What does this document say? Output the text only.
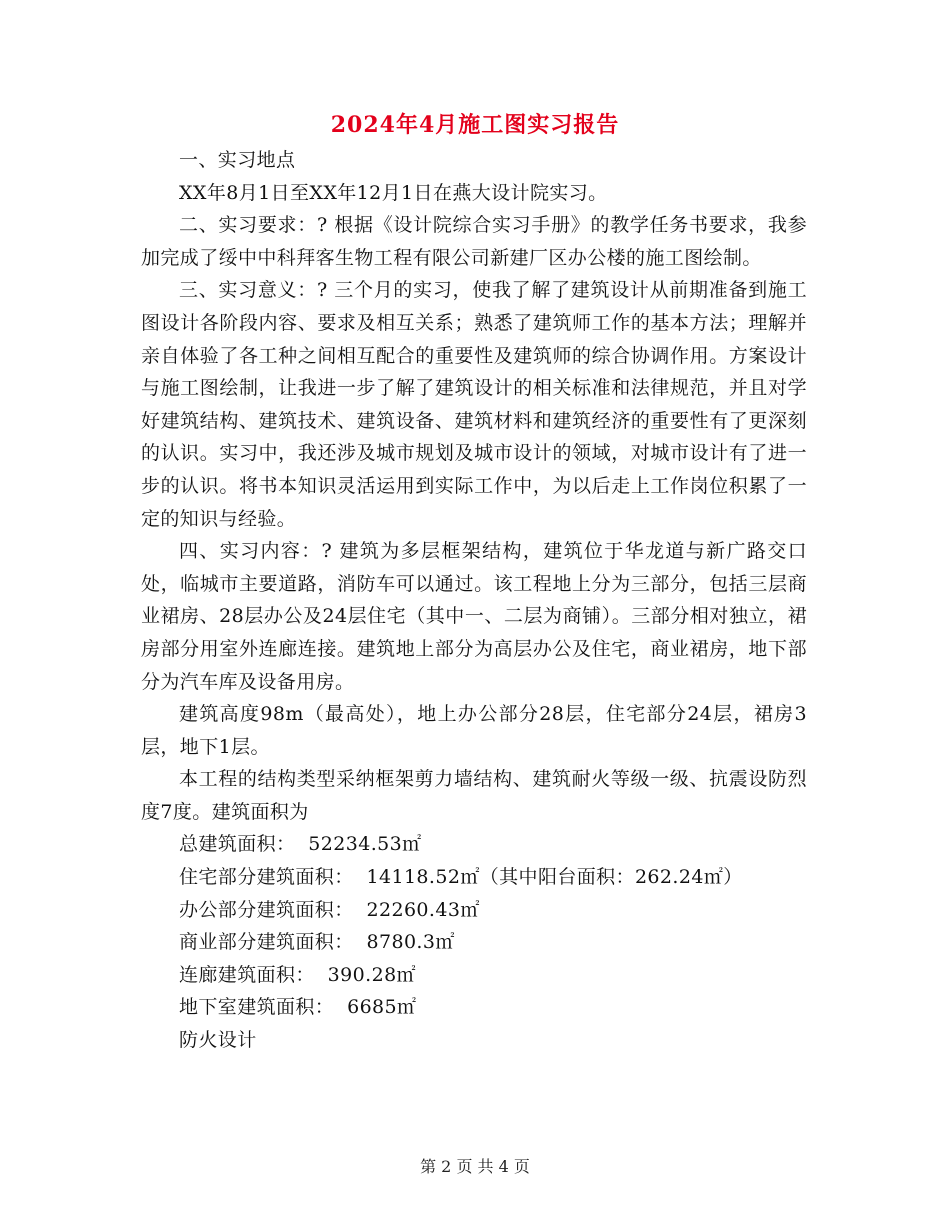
2024年4月施工图实习报告

一、实习地点

XX年8月1日至XX年12月1日在燕大设计院实习。

二、实习要求：? 根据《设计院综合实习手册》的教学任务书要求，我参加完成了绥中中科拜客生物工程有限公司新建厂区办公楼的施工图绘制。

三、实习意义：? 三个月的实习，使我了解了建筑设计从前期准备到施工图设计各阶段内容、要求及相互关系；熟悉了建筑师工作的基本方法；理解并亲自体验了各工种之间相互配合的重要性及建筑师的综合协调作用。方案设计与施工图绘制，让我进一步了解了建筑设计的相关标准和法律规范，并且对学好建筑结构、建筑技术、建筑设备、建筑材料和建筑经济的重要性有了更深刻的认识。实习中，我还涉及城市规划及城市设计的领域，对城市设计有了进一步的认识。将书本知识灵活运用到实际工作中，为以后走上工作岗位积累了一定的知识与经验。

四、实习内容：? 建筑为多层框架结构，建筑位于华龙道与新广路交口处，临城市主要道路，消防车可以通过。该工程地上分为三部分，包括三层商业裙房、28层办公及24层住宅（其中一、二层为商铺）。三部分相对独立，裙房部分用室外连廊连接。建筑地上部分为高层办公及住宅，商业裙房，地下部分为汽车库及设备用房。

建筑高度98m（最高处），地上办公部分28层，住宅部分24层，裙房3层，地下1层。

本工程的结构类型采纳框架剪力墙结构、建筑耐火等级一级、抗震设防烈度7度。建筑面积为

总建筑面积：  52234.53㎡

住宅部分建筑面积：  14118.52㎡（其中阳台面积：262.24㎡）

办公部分建筑面积：  22260.43㎡

商业部分建筑面积：  8780.3㎡

连廊建筑面积：  390.28㎡

地下室建筑面积：  6685㎡

防火设计

第 2 页 共 4 页
